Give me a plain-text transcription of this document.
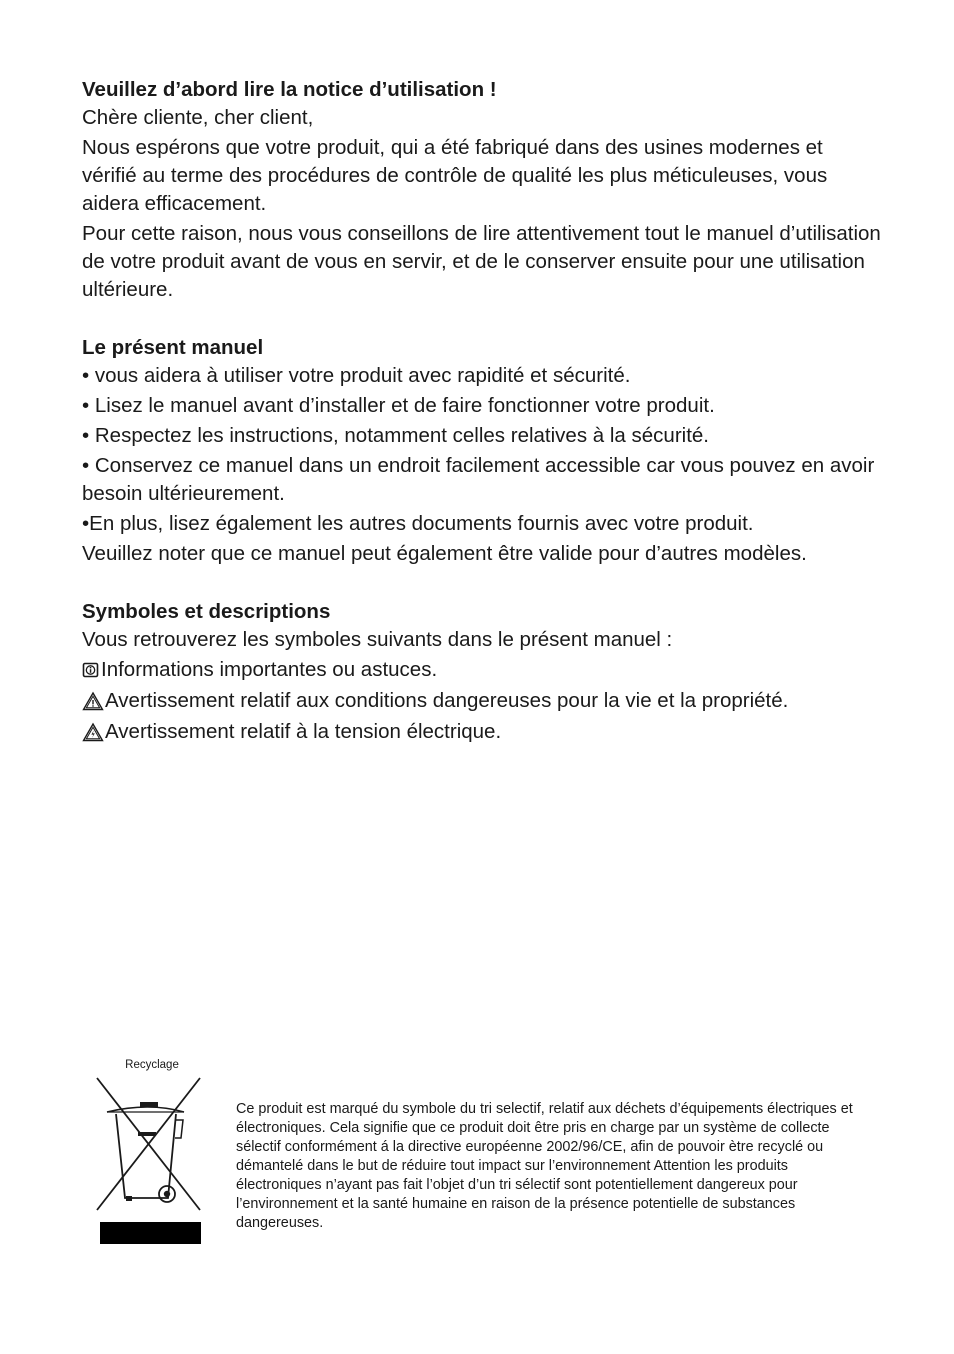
Veuillez d’abord lire la notice d’utilisation !

Chère cliente, cher client,

Nous espérons que votre produit, qui a été fabriqué dans des usines modernes et vérifié au terme des procédures de contrôle de qualité les plus méticuleuses, vous aidera efficacement.

Pour cette raison, nous vous conseillons de lire attentivement tout le manuel d’utilisation de votre produit avant de vous en servir, et de le conserver ensuite pour une utilisation ultérieure.

Le présent manuel

• vous aidera à utiliser votre produit avec rapidité et sécurité.

• Lisez le manuel avant d’installer et de faire fonctionner votre produit.

• Respectez les instructions, notamment celles relatives à la sécurité.

• Conservez ce manuel dans un endroit facilement accessible car vous pouvez en avoir besoin ultérieurement.

•En plus, lisez également les autres documents fournis avec votre produit.

Veuillez noter que ce manuel peut également être valide pour d’autres modèles.

Symboles et descriptions

Vous retrouverez les symboles suivants dans le présent manuel :

Informations importantes ou astuces.
Avertissement relatif aux conditions dangereuses pour la vie et la propriété.
Avertissement relatif à la tension électrique.
Recyclage

Ce produit est marqué du symbole du tri selectif, relatif aux déchets d’équipements électriques et électroniques. Cela signifie que ce produit doit être pris en charge par un système de collecte sélectif conformément á la directive européenne 2002/96/CE, afin de pouvoir ètre recyclé ou démantelé dans le but de réduire tout impact sur l’environnement Attention les produits électroniques n’ayant pas fait l’objet d’un tri sélectif sont potentiellement dangereux pour l’environnement et la santé humaine en raison de la présence potentielle de substances dangereuses.
